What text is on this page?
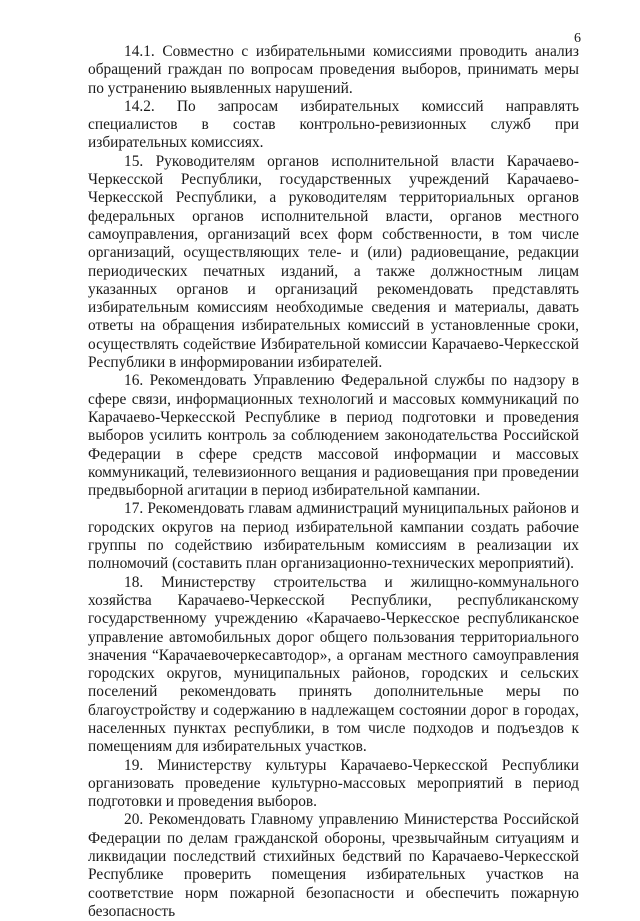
6

14.1. Совместно с избирательными комиссиями проводить анализ обращений граждан по вопросам проведения выборов, принимать меры по устранению выявленных нарушений.

14.2. По запросам избирательных комиссий направлять специалистов в состав контрольно-ревизионных служб при избирательных комиссиях.

15. Руководителям органов исполнительной власти Карачаево-Черкесской Республики, государственных учреждений Карачаево-Черкесской Республики, а руководителям территориальных органов федеральных органов исполнительной власти, органов местного самоуправления, организаций всех форм собственности, в том числе организаций, осуществляющих теле- и (или) радиовещание, редакции периодических печатных изданий, а также должностным лицам указанных органов и организаций рекомендовать представлять избирательным комиссиям необходимые сведения и материалы, давать ответы на обращения избирательных комиссий в установленные сроки, осуществлять содействие Избирательной комиссии Карачаево-Черкесской Республики в информировании избирателей.

16. Рекомендовать Управлению Федеральной службы по надзору в сфере связи, информационных технологий и массовых коммуникаций по Карачаево-Черкесской Республике в период подготовки и проведения выборов усилить контроль за соблюдением законодательства Российской Федерации в сфере средств массовой информации и массовых коммуникаций, телевизионного вещания и радиовещания при проведении предвыборной агитации в период избирательной кампании.

17. Рекомендовать главам администраций муниципальных районов и городских округов на период избирательной кампании создать рабочие группы по содействию избирательным комиссиям в реализации их полномочий (составить план организационно-технических мероприятий).

18. Министерству строительства и жилищно-коммунального хозяйства Карачаево-Черкесской Республики, республиканскому государственному учреждению «Карачаево-Черкесское республиканское управление автомобильных дорог общего пользования территориального значения “Карачаевочеркесавтодор», а органам местного самоуправления городских округов, муниципальных районов, городских и сельских поселений рекомендовать принять дополнительные меры по благоустройству и содержанию в надлежащем состоянии дорог в городах, населенных пунктах республики, в том числе подходов и подъездов к помещениям для избирательных участков.

19. Министерству культуры Карачаево-Черкесской Республики организовать проведение культурно-массовых мероприятий в период подготовки и проведения выборов.

20. Рекомендовать Главному управлению Министерства Российской Федерации по делам гражданской обороны, чрезвычайным ситуациям и ликвидации последствий стихийных бедствий по Карачаево-Черкесской Республике проверить помещения избирательных участков на соответствие норм пожарной безопасности и обеспечить пожарную безопасность
